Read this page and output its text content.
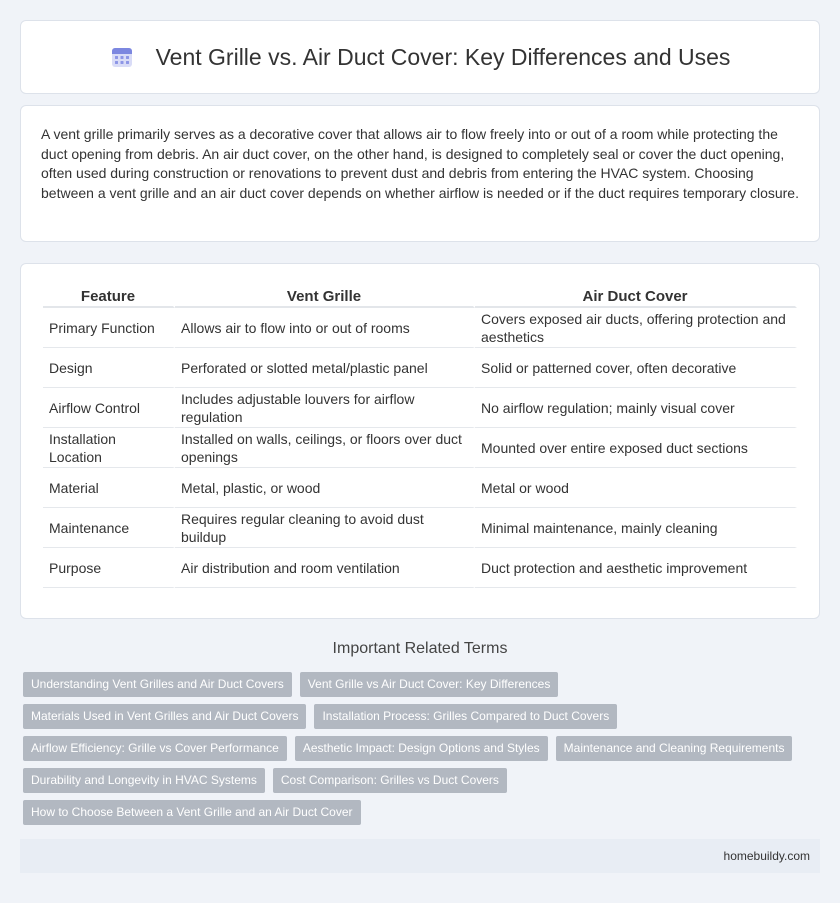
Vent Grille vs. Air Duct Cover: Key Differences and Uses

A vent grille primarily serves as a decorative cover that allows air to flow freely into or out of a room while protecting the duct opening from debris. An air duct cover, on the other hand, is designed to completely seal or cover the duct opening, often used during construction or renovations to prevent dust and debris from entering the HVAC system. Choosing between a vent grille and an air duct cover depends on whether airflow is needed or if the duct requires temporary closure.

Feature	Vent Grille	Air Duct Cover
Primary Function	Allows air to flow into or out of rooms	Covers exposed air ducts, offering protection and aesthetics
Design	Perforated or slotted metal/plastic panel	Solid or patterned cover, often decorative
Airflow Control	Includes adjustable louvers for airflow regulation	No airflow regulation; mainly visual cover
Installation Location	Installed on walls, ceilings, or floors over duct openings	Mounted over entire exposed duct sections
Material	Metal, plastic, or wood	Metal or wood
Maintenance	Requires regular cleaning to avoid dust buildup	Minimal maintenance, mainly cleaning
Purpose	Air distribution and room ventilation	Duct protection and aesthetic improvement
Important Related Terms
Understanding Vent Grilles and Air Duct Covers	Vent Grille vs Air Duct Cover: Key Differences
Materials Used in Vent Grilles and Air Duct Covers	Installation Process: Grilles Compared to Duct Covers
Airflow Efficiency: Grille vs Cover Performance	Aesthetic Impact: Design Options and Styles	Maintenance and Cleaning Requirements
Durability and Longevity in HVAC Systems	Cost Comparison: Grilles vs Duct Covers
How to Choose Between a Vent Grille and an Air Duct Cover
homebuildy.com
